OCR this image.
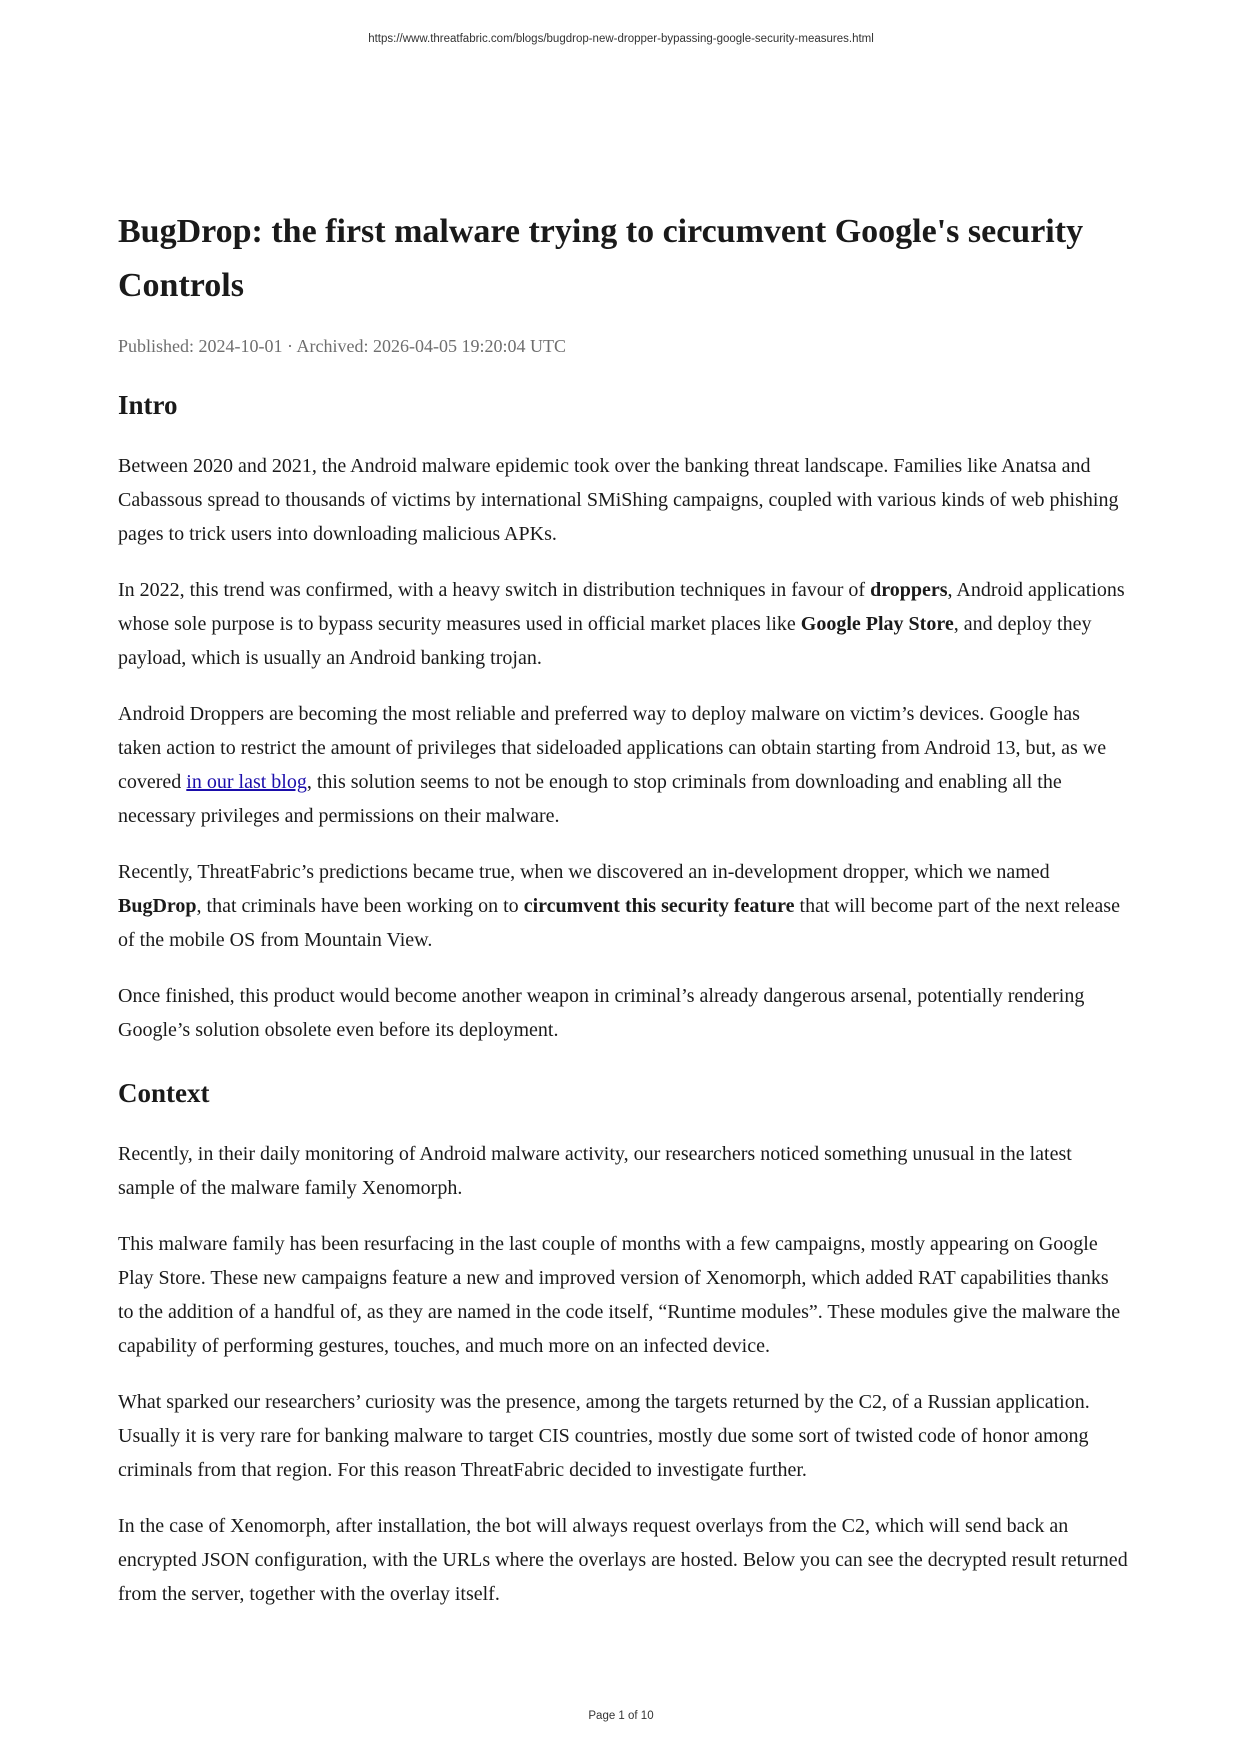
https://www.threatfabric.com/blogs/bugdrop-new-dropper-bypassing-google-security-measures.html
BugDrop: the first malware trying to circumvent Google's security Controls
Published: 2024-10-01 · Archived: 2026-04-05 19:20:04 UTC
Intro

Between 2020 and 2021, the Android malware epidemic took over the banking threat landscape. Families like Anatsa and Cabassous spread to thousands of victims by international SMiShing campaigns, coupled with various kinds of web phishing pages to trick users into downloading malicious APKs.

In 2022, this trend was confirmed, with a heavy switch in distribution techniques in favour of droppers, Android applications whose sole purpose is to bypass security measures used in official market places like Google Play Store, and deploy they payload, which is usually an Android banking trojan.

Android Droppers are becoming the most reliable and preferred way to deploy malware on victim’s devices. Google has taken action to restrict the amount of privileges that sideloaded applications can obtain starting from Android 13, but, as we covered in our last blog, this solution seems to not be enough to stop criminals from downloading and enabling all the necessary privileges and permissions on their malware.

Recently, ThreatFabric’s predictions became true, when we discovered an in-development dropper, which we named BugDrop, that criminals have been working on to circumvent this security feature that will become part of the next release of the mobile OS from Mountain View.

Once finished, this product would become another weapon in criminal’s already dangerous arsenal, potentially rendering Google’s solution obsolete even before its deployment.

Context

Recently, in their daily monitoring of Android malware activity, our researchers noticed something unusual in the latest sample of the malware family Xenomorph.

This malware family has been resurfacing in the last couple of months with a few campaigns, mostly appearing on Google Play Store. These new campaigns feature a new and improved version of Xenomorph, which added RAT capabilities thanks to the addition of a handful of, as they are named in the code itself, “Runtime modules”. These modules give the malware the capability of performing gestures, touches, and much more on an infected device.

What sparked our researchers’ curiosity was the presence, among the targets returned by the C2, of a Russian application. Usually it is very rare for banking malware to target CIS countries, mostly due some sort of twisted code of honor among criminals from that region. For this reason ThreatFabric decided to investigate further.

In the case of Xenomorph, after installation, the bot will always request overlays from the C2, which will send back an encrypted JSON configuration, with the URLs where the overlays are hosted. Below you can see the decrypted result returned from the server, together with the overlay itself.

Page 1 of 10
